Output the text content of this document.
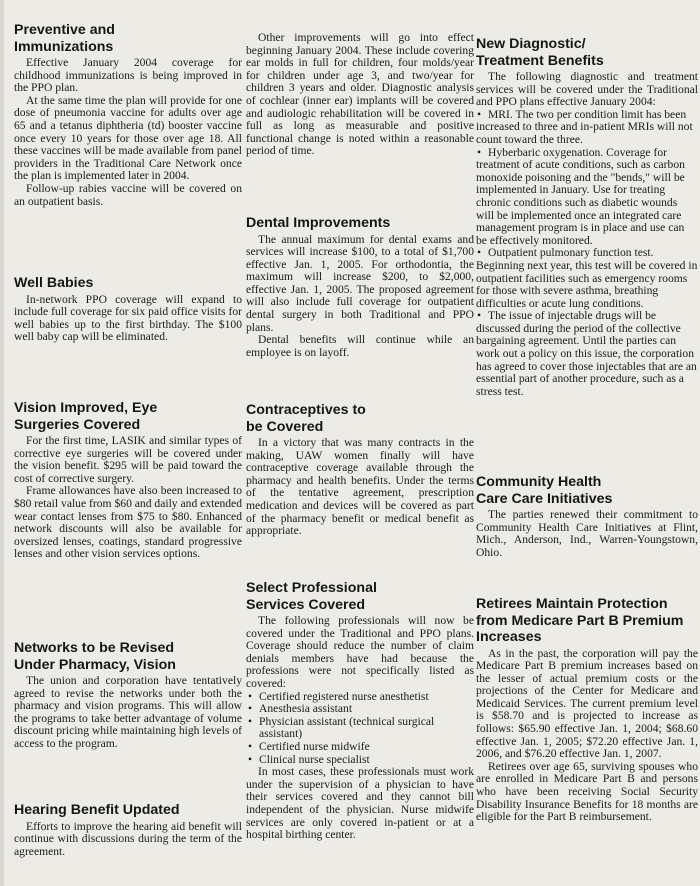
Preventive and Immunizations

Effective January 2004 coverage for childhood immunizations is being improved in the PPO plan.

At the same time the plan will provide for one dose of pneumonia vaccine for adults over age 65 and a tetanus diphtheria (td) booster vaccine once every 10 years for those over age 18. All these vaccines will be made available from panel providers in the Traditional Care Network once the plan is implemented later in 2004.

Follow-up rabies vaccine will be covered on an outpatient basis.

Well Babies

In-network PPO coverage will expand to include full coverage for six paid office visits for well babies up to the first birthday. The $100 well baby cap will be eliminated.

Vision Improved, Eye Surgeries Covered

For the first time, LASIK and similar types of corrective eye surgeries will be covered under the vision benefit. $295 will be paid toward the cost of corrective surgery.

Frame allowances have also been increased to $80 retail value from $60 and daily and extended wear contact lenses from $75 to $80. Enhanced network discounts will also be available for oversized lenses, coatings, standard progressive lenses and other vision services options.

Networks to be Revised Under Pharmacy, Vision

The union and corporation have tentatively agreed to revise the networks under both the pharmacy and vision programs. This will allow the programs to take better advantage of volume discount pricing while maintaining high levels of access to the program.

Hearing Benefit Updated

Efforts to improve the hearing aid benefit will continue with discussions during the term of the agreement.

Other improvements will go into effect beginning January 2004. These include covering ear molds in full for children, four molds/year for children under age 3, and two/year for children 3 years and older. Diagnostic analysis of cochlear (inner ear) implants will be covered and audiologic rehabilitation will be covered in full as long as measurable and positive functional change is noted within a reasonable period of time.

Dental Improvements

The annual maximum for dental exams and services will increase $100, to a total of $1,700 effective Jan. 1, 2005. For orthodontia, the maximum will increase $200, to $2,000, effective Jan. 1, 2005. The proposed agreement will also include full coverage for outpatient dental surgery in both Traditional and PPO plans.

Dental benefits will continue while an employee is on layoff.

Contraceptives to be Covered

In a victory that was many contracts in the making, UAW women finally will have contraceptive coverage available through the pharmacy and health benefits. Under the terms of the tentative agreement, prescription medication and devices will be covered as part of the pharmacy benefit or medical benefit as appropriate.

Select Professional Services Covered

The following professionals will now be covered under the Traditional and PPO plans. Coverage should reduce the number of claim denials members have had because the professions were not specifically listed as covered:

• Certified registered nurse anesthetist
• Anesthesia assistant
• Physician assistant (technical surgical assistant)
• Certified nurse midwife
• Clinical nurse specialist

In most cases, these professionals must work under the supervision of a physician to have their services covered and they cannot bill independent of the physician. Nurse midwife services are only covered in-patient or at a hospital birthing center.

New Diagnostic/ Treatment Benefits

The following diagnostic and treatment services will be covered under the Traditional and PPO plans effective January 2004:

• MRI. The two per condition limit has been increased to three and in-patient MRIs will not count toward the three.
• Hyberbaric oxygenation. Coverage for treatment of acute conditions, such as carbon monoxide poisoning and the "bends," will be implemented in January. Use for treating chronic conditions such as diabetic wounds will be implemented once an integrated care management program is in place and use can be effectively monitored.
• Outpatient pulmonary function test. Beginning next year, this test will be covered in outpatient facilities such as emergency rooms for those with severe asthma, breathing difficulties or acute lung conditions.
• The issue of injectable drugs will be discussed during the period of the collective bargaining agreement. Until the parties can work out a policy on this issue, the corporation has agreed to cover those injectables that are an essential part of another procedure, such as a stress test.
Community Health Care Care Initiatives

The parties renewed their commitment to Community Health Care Initiatives at Flint, Mich., Anderson, Ind., Warren-Youngstown, Ohio.

Retirees Maintain Protection from Medicare Part B Premium Increases

As in the past, the corporation will pay the Medicare Part B premium increases based on the lesser of actual premium costs or the projections of the Center for Medicare and Medicaid Services. The current premium level is $58.70 and is projected to increase as follows: $65.90 effective Jan. 1, 2004; $68.60 effective Jan. 1, 2005; $72.20 effective Jan. 1, 2006, and $76.20 effective Jan. 1, 2007.

Retirees over age 65, surviving spouses who are enrolled in Medicare Part B and persons who have been receiving Social Security Disability Insurance Benefits for 18 months are eligible for the Part B reimbursement.
